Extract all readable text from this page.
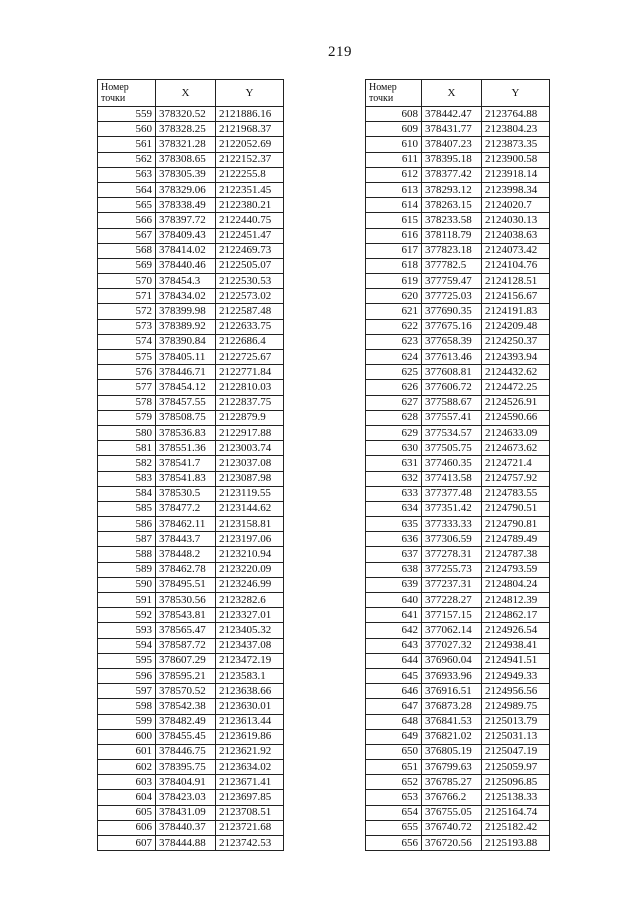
219
Номер точки	X	Y
559	378320.52	2121886.16
560	378328.25	2121968.37
561	378321.28	2122052.69
562	378308.65	2122152.37
563	378305.39	2122255.8
564	378329.06	2122351.45
565	378338.49	2122380.21
566	378397.72	2122440.75
567	378409.43	2122451.47
568	378414.02	2122469.73
569	378440.46	2122505.07
570	378454.3	2122530.53
571	378434.02	2122573.02
572	378399.98	2122587.48
573	378389.92	2122633.75
574	378390.84	2122686.4
575	378405.11	2122725.67
576	378446.71	2122771.84
577	378454.12	2122810.03
578	378457.55	2122837.75
579	378508.75	2122879.9
580	378536.83	2122917.88
581	378551.36	2123003.74
582	378541.7	2123037.08
583	378541.83	2123087.98
584	378530.5	2123119.55
585	378477.2	2123144.62
586	378462.11	2123158.81
587	378443.7	2123197.06
588	378448.2	2123210.94
589	378462.78	2123220.09
590	378495.51	2123246.99
591	378530.56	2123282.6
592	378543.81	2123327.01
593	378565.47	2123405.32
594	378587.72	2123437.08
595	378607.29	2123472.19
596	378595.21	2123583.1
597	378570.52	2123638.66
598	378542.38	2123630.01
599	378482.49	2123613.44
600	378455.45	2123619.86
601	378446.75	2123621.92
602	378395.75	2123634.02
603	378404.91	2123671.41
604	378423.03	2123697.85
605	378431.09	2123708.51
606	378440.37	2123721.68
607	378444.88	2123742.53
Номер точки	X	Y
608	378442.47	2123764.88
609	378431.77	2123804.23
610	378407.23	2123873.35
611	378395.18	2123900.58
612	378377.42	2123918.14
613	378293.12	2123998.34
614	378263.15	2124020.7
615	378233.58	2124030.13
616	378118.79	2124038.63
617	377823.18	2124073.42
618	377782.5	2124104.76
619	377759.47	2124128.51
620	377725.03	2124156.67
621	377690.35	2124191.83
622	377675.16	2124209.48
623	377658.39	2124250.37
624	377613.46	2124393.94
625	377608.81	2124432.62
626	377606.72	2124472.25
627	377588.67	2124526.91
628	377557.41	2124590.66
629	377534.57	2124633.09
630	377505.75	2124673.62
631	377460.35	2124721.4
632	377413.58	2124757.92
633	377377.48	2124783.55
634	377351.42	2124790.51
635	377333.33	2124790.81
636	377306.59	2124789.49
637	377278.31	2124787.38
638	377255.73	2124793.59
639	377237.31	2124804.24
640	377228.27	2124812.39
641	377157.15	2124862.17
642	377062.14	2124926.54
643	377027.32	2124938.41
644	376960.04	2124941.51
645	376933.96	2124949.33
646	376916.51	2124956.56
647	376873.28	2124989.75
648	376841.53	2125013.79
649	376821.02	2125031.13
650	376805.19	2125047.19
651	376799.63	2125059.97
652	376785.27	2125096.85
653	376766.2	2125138.33
654	376755.05	2125164.74
655	376740.72	2125182.42
656	376720.56	2125193.88
